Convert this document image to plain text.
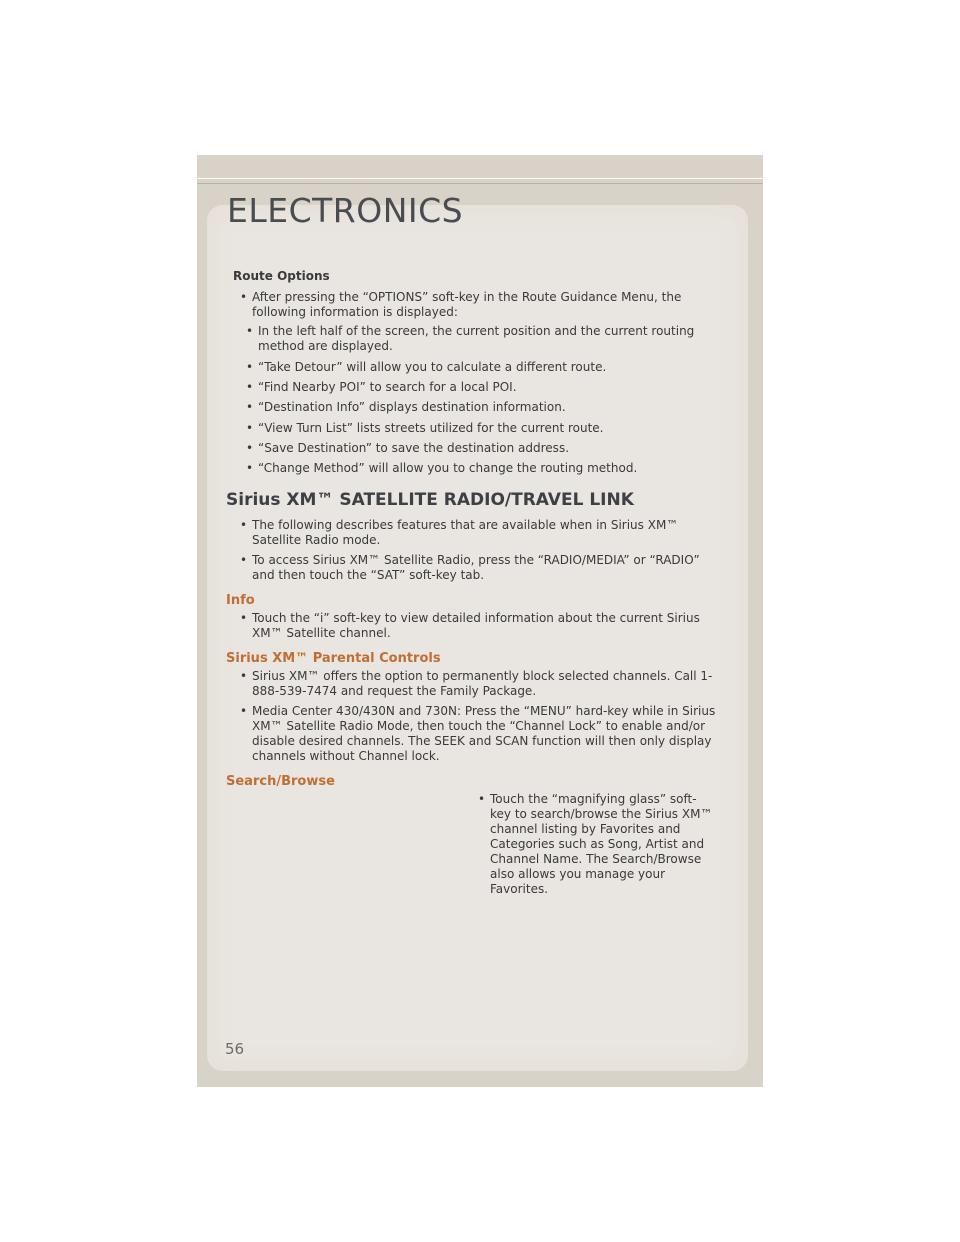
ELECTRONICS
Route Options
• After pressing the “OPTIONS” soft-key in the Route Guidance Menu, the following information is displayed:
• In the left half of the screen, the current position and the current routing method are displayed.
• “Take Detour” will allow you to calculate a different route.
• “Find Nearby POI” to search for a local POI.
• “Destination Info” displays destination information.
• “View Turn List” lists streets utilized for the current route.
• “Save Destination” to save the destination address.
• “Change Method” will allow you to change the routing method.
Sirius XM™ SATELLITE RADIO/TRAVEL LINK
• The following describes features that are available when in Sirius XM™ Satellite Radio mode.
• To access Sirius XM™ Satellite Radio, press the “RADIO/MEDIA” or “RADIO” and then touch the “SAT” soft-key tab.
Info
• Touch the “i” soft-key to view detailed information about the current Sirius XM™ Satellite channel.
Sirius XM™ Parental Controls
• Sirius XM™ offers the option to permanently block selected channels. Call 1-888-539-7474 and request the Family Package.
• Media Center 430/430N and 730N: Press the “MENU” hard-key while in Sirius XM™ Satellite Radio Mode, then touch the “Channel Lock” to enable and/or disable desired channels. The SEEK and SCAN function will then only display channels without Channel lock.
Search/Browse
• Touch the “magnifying glass” soft-key to search/browse the Sirius XM™ channel listing by Favorites and Categories such as Song, Artist and Channel Name. The Search/Browse also allows you manage your Favorites.
56
